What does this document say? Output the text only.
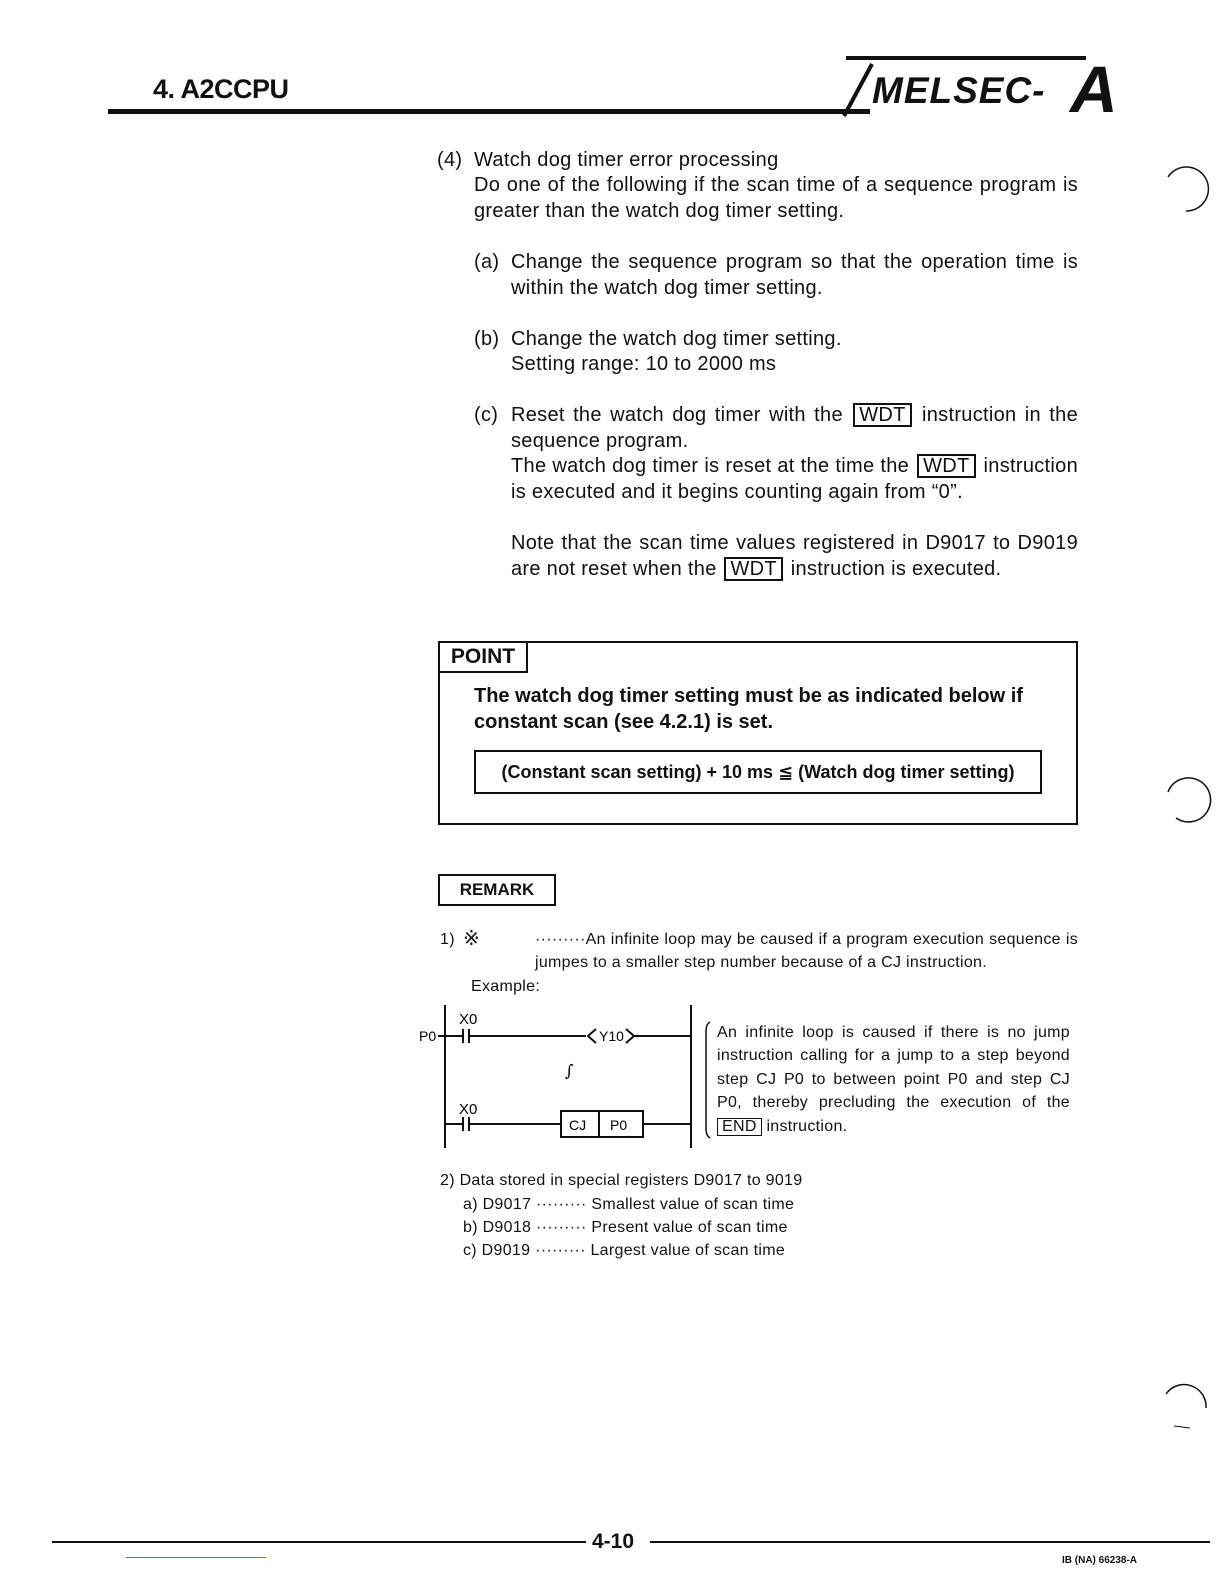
4. A2CCPU	MELSEC- A
(4) Watch dog timer error processing
Do one of the following if the scan time of a sequence program is greater than the watch dog timer setting.
(a) Change the sequence program so that the operation time is within the watch dog timer setting.
(b) Change the watch dog timer setting.
Setting range: 10 to 2000 ms
(c) Reset the watch dog timer with the WDT instruction in the sequence program.
The watch dog timer is reset at the time the WDT instruction is executed and it begins counting again from “0”.
Note that the scan time values registered in D9017 to D9019 are not reset when the WDT instruction is executed.
POINT
The watch dog timer setting must be as indicated below if constant scan (see 4.2.1) is set.
(Constant scan setting) + 10 ms ≦ (Watch dog timer setting)
REMARK
1) ※	·········An infinite loop may be caused if a program execution sequence is jumpes to a smaller step number because of a CJ instruction.
Example:
P0
X0
Y10
∫
X0
CJ P0
An infinite loop is caused if there is no jump instruction calling for a jump to a step beyond step CJ P0 to between point P0 and step CJ P0, thereby precluding the execution of the END instruction.
2) Data stored in special registers D9017 to 9019
a) D9017 ········· Smallest value of scan time
b) D9018 ········· Present value of scan time
c) D9019 ········· Largest value of scan time
4-10
IB (NA) 66238-A
